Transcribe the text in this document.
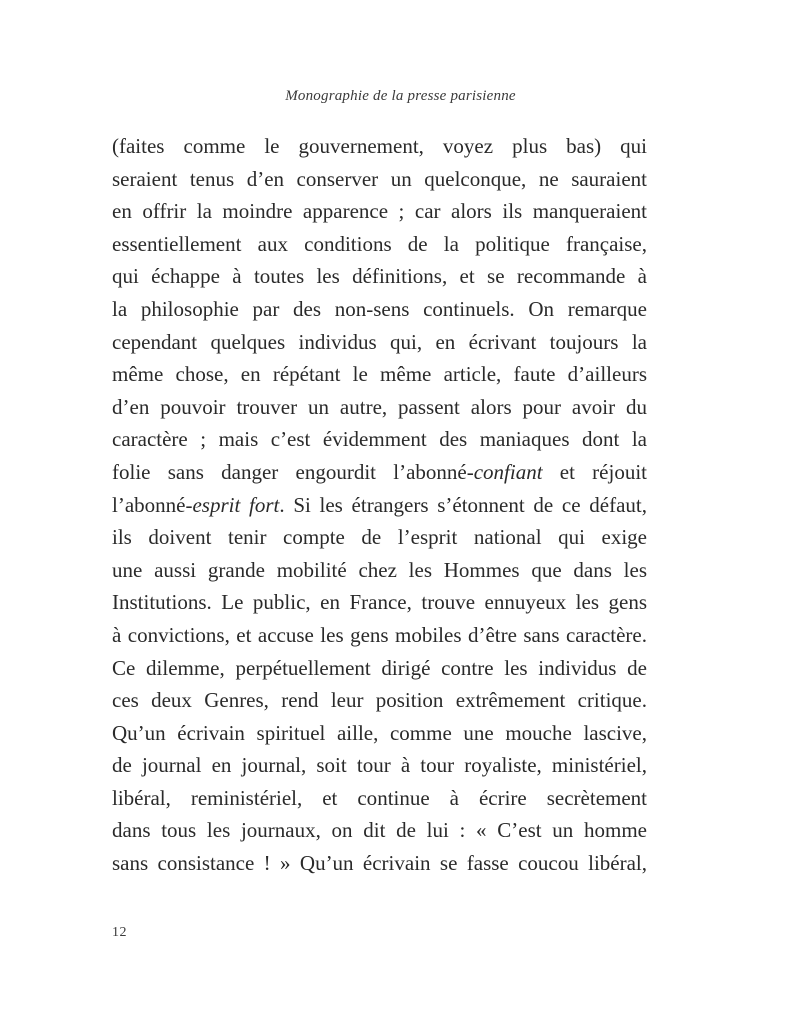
Monographie de la presse parisienne
(faites comme le gouvernement, voyez plus bas) qui
seraient tenus d’en conserver un quelconque, ne sauraient
en offrir la moindre apparence ; car alors ils manqueraient
essentiellement aux conditions de la politique française,
qui échappe à toutes les définitions, et se recommande à
la philosophie par des non-sens continuels. On remarque
cependant quelques individus qui, en écrivant toujours la
même chose, en répétant le même article, faute d’ailleurs
d’en pouvoir trouver un autre, passent alors pour avoir du
caractère ; mais c’est évidemment des maniaques dont la
folie sans danger engourdit l’abonné-confiant et réjouit
l’abonné-esprit fort. Si les étrangers s’étonnent de ce défaut,
ils doivent tenir compte de l’esprit national qui exige
une aussi grande mobilité chez les Hommes que dans les
Institutions. Le public, en France, trouve ennuyeux les gens
à convictions, et accuse les gens mobiles d’être sans caractère.
Ce dilemme, perpétuellement dirigé contre les individus de
ces deux Genres, rend leur position extrêmement critique.
Qu’un écrivain spirituel aille, comme une mouche lascive,
de journal en journal, soit tour à tour royaliste, ministériel,
libéral, reministériel, et continue à écrire secrètement
dans tous les journaux, on dit de lui : « C’est un homme
sans consistance ! » Qu’un écrivain se fasse coucou libéral,
12
